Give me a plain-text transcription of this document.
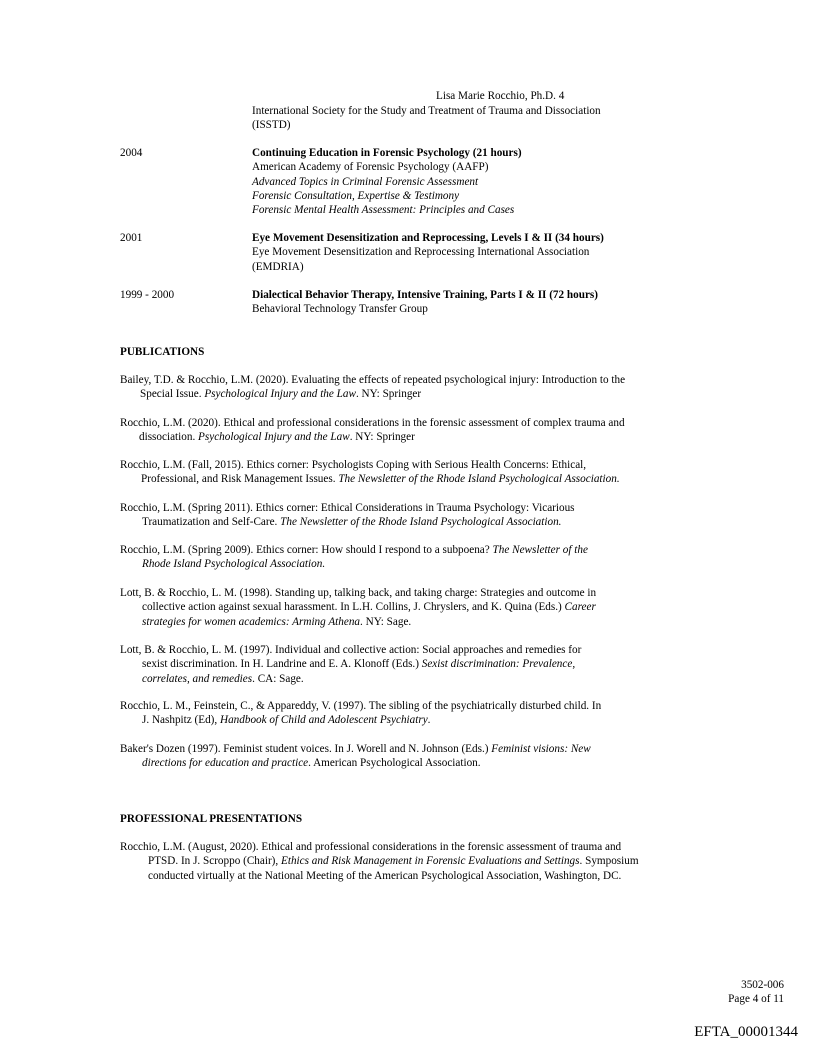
Lisa Marie Rocchio, Ph.D. 4
International Society for the Study and Treatment of Trauma and Dissociation
(ISSTD)
2004	Continuing Education in Forensic Psychology (21 hours)
American Academy of Forensic Psychology (AAFP)
Advanced Topics in Criminal Forensic Assessment
Forensic Consultation, Expertise & Testimony
Forensic Mental Health Assessment: Principles and Cases
2001	Eye Movement Desensitization and Reprocessing, Levels I & II (34 hours)
Eye Movement Desensitization and Reprocessing International Association
(EMDRIA)
1999 - 2000	Dialectical Behavior Therapy, Intensive Training, Parts I & II (72 hours)
Behavioral Technology Transfer Group
PUBLICATIONS
Bailey, T.D. & Rocchio, L.M. (2020). Evaluating the effects of repeated psychological injury: Introduction to the
Special Issue. Psychological Injury and the Law. NY: Springer
Rocchio, L.M. (2020). Ethical and professional considerations in the forensic assessment of complex trauma and
dissociation. Psychological Injury and the Law. NY: Springer
Rocchio, L.M. (Fall, 2015). Ethics corner: Psychologists Coping with Serious Health Concerns: Ethical,
Professional, and Risk Management Issues. The Newsletter of the Rhode Island Psychological Association.
Rocchio, L.M. (Spring 2011). Ethics corner: Ethical Considerations in Trauma Psychology: Vicarious
Traumatization and Self-Care. The Newsletter of the Rhode Island Psychological Association.
Rocchio, L.M. (Spring 2009). Ethics corner: How should I respond to a subpoena? The Newsletter of the
Rhode Island Psychological Association.
Lott, B. & Rocchio, L. M. (1998). Standing up, talking back, and taking charge: Strategies and outcome in
collective action against sexual harassment. In L.H. Collins, J. Chryslers, and K. Quina (Eds.) Career
strategies for women academics: Arming Athena. NY: Sage.
Lott, B. & Rocchio, L. M. (1997). Individual and collective action: Social approaches and remedies for
sexist discrimination. In H. Landrine and E. A. Klonoff (Eds.) Sexist discrimination: Prevalence,
correlates, and remedies. CA: Sage.
Rocchio, L. M., Feinstein, C., & Appareddy, V. (1997). The sibling of the psychiatrically disturbed child. In
J. Nashpitz (Ed), Handbook of Child and Adolescent Psychiatry.
Baker's Dozen (1997). Feminist student voices. In J. Worell and N. Johnson (Eds.) Feminist visions: New
directions for education and practice. American Psychological Association.
PROFESSIONAL PRESENTATIONS
Rocchio, L.M. (August, 2020). Ethical and professional considerations in the forensic assessment of trauma and
PTSD. In J. Scroppo (Chair), Ethics and Risk Management in Forensic Evaluations and Settings. Symposium
conducted virtually at the National Meeting of the American Psychological Association, Washington, DC.
3502-006
Page 4 of 11
EFTA_00001344
